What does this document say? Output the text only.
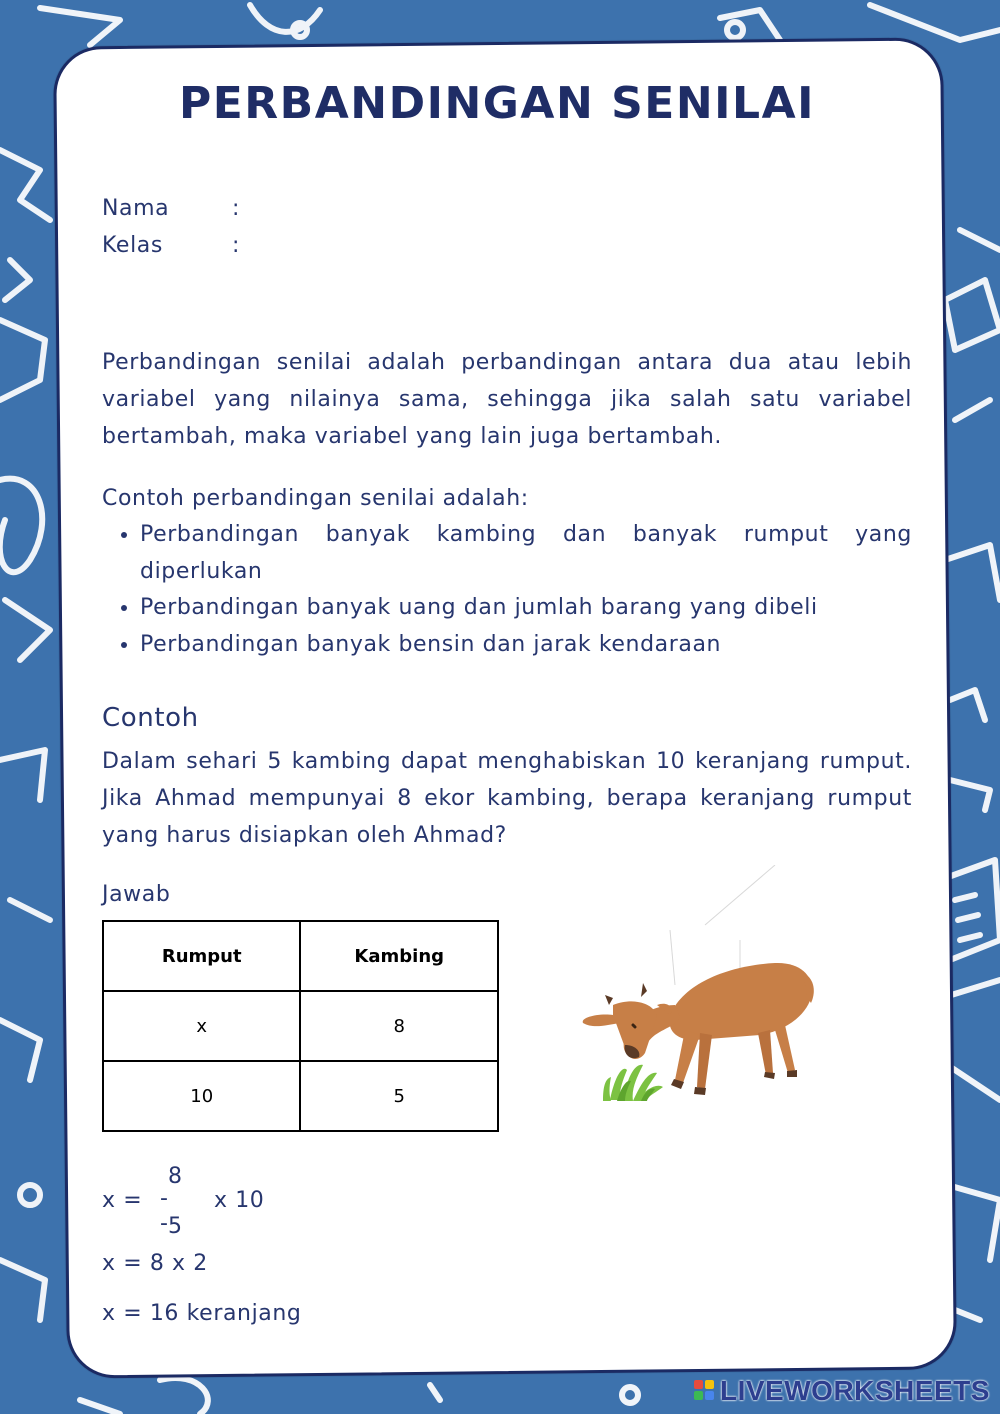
PERBANDINGAN SENILAI
Nama	:
Kelas	:

Perbandingan senilai adalah perbandingan antara dua atau lebih variabel yang nilainya sama, sehingga jika salah satu variabel bertambah, maka variabel yang lain juga bertambah.

Contoh perbandingan senilai adalah:
• Perbandingan banyak kambing dan banyak rumput yang diperlukan
• Perbandingan banyak uang dan jumlah barang yang dibeli
• Perbandingan banyak bensin dan jarak kendaraan
Contoh

Dalam sehari 5 kambing dapat menghabiskan 10 keranjang rumput. Jika Ahmad mempunyai 8 ekor kambing, berapa keranjang rumput yang harus disiapkan oleh Ahmad?

Jawab
Rumput	Kambing
x	8
10	5
x =
8
-- 5
x 10
x = 8 x 2
x = 16 keranjang
LIVEWORKSHEETS
